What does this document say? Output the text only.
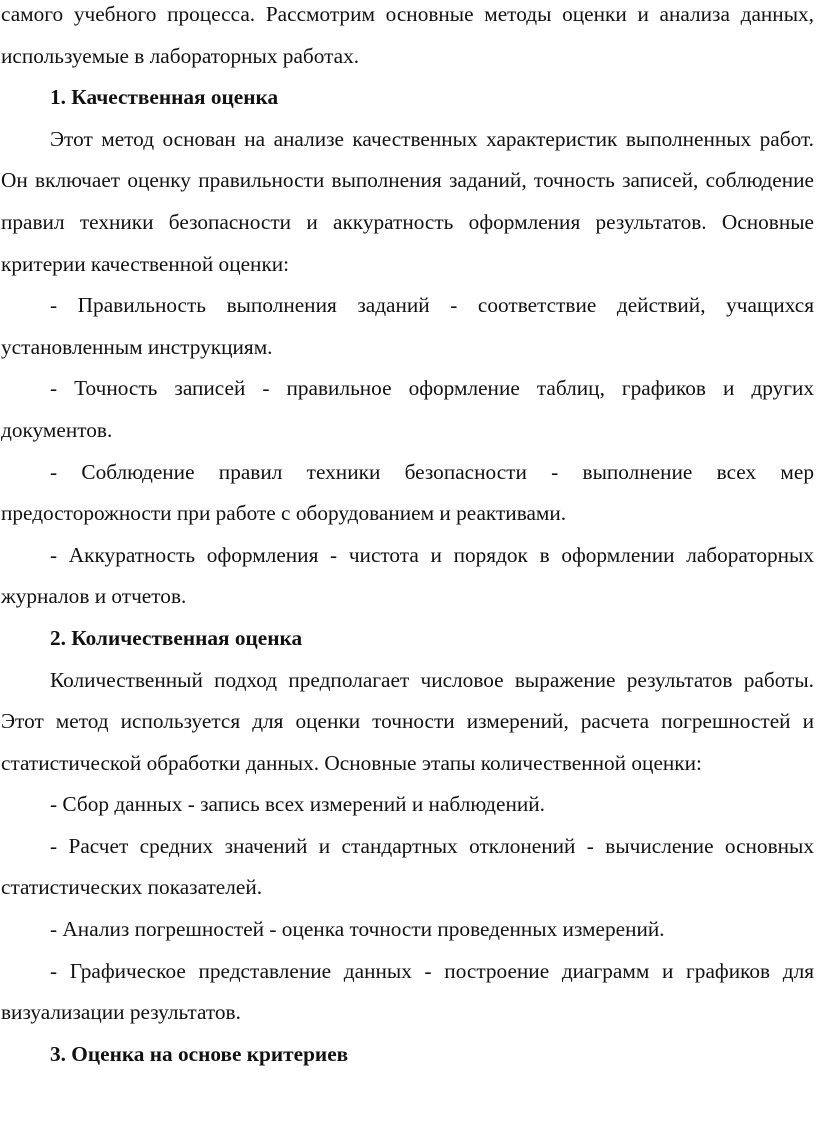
самого учебного процесса. Рассмотрим основные методы оценки и анализа данных, используемые в лабораторных работах.

1. Качественная оценка

Этот метод основан на анализе качественных характеристик выполненных работ. Он включает оценку правильности выполнения заданий, точность записей, соблюдение правил техники безопасности и аккуратность оформления результатов. Основные критерии качественной оценки:

- Правильность выполнения заданий - соответствие действий, учащихся установленным инструкциям.

- Точность записей - правильное оформление таблиц, графиков и других документов.

- Соблюдение правил техники безопасности - выполнение всех мер предосторожности при работе с оборудованием и реактивами.

- Аккуратность оформления - чистота и порядок в оформлении лабораторных журналов и отчетов.

2. Количественная оценка

Количественный подход предполагает числовое выражение результатов работы. Этот метод используется для оценки точности измерений, расчета погрешностей и статистической обработки данных. Основные этапы количественной оценки:

- Сбор данных - запись всех измерений и наблюдений.

- Расчет средних значений и стандартных отклонений - вычисление основных статистических показателей.

- Анализ погрешностей - оценка точности проведенных измерений.

- Графическое представление данных - построение диаграмм и графиков для визуализации результатов.

3. Оценка на основе критериев
